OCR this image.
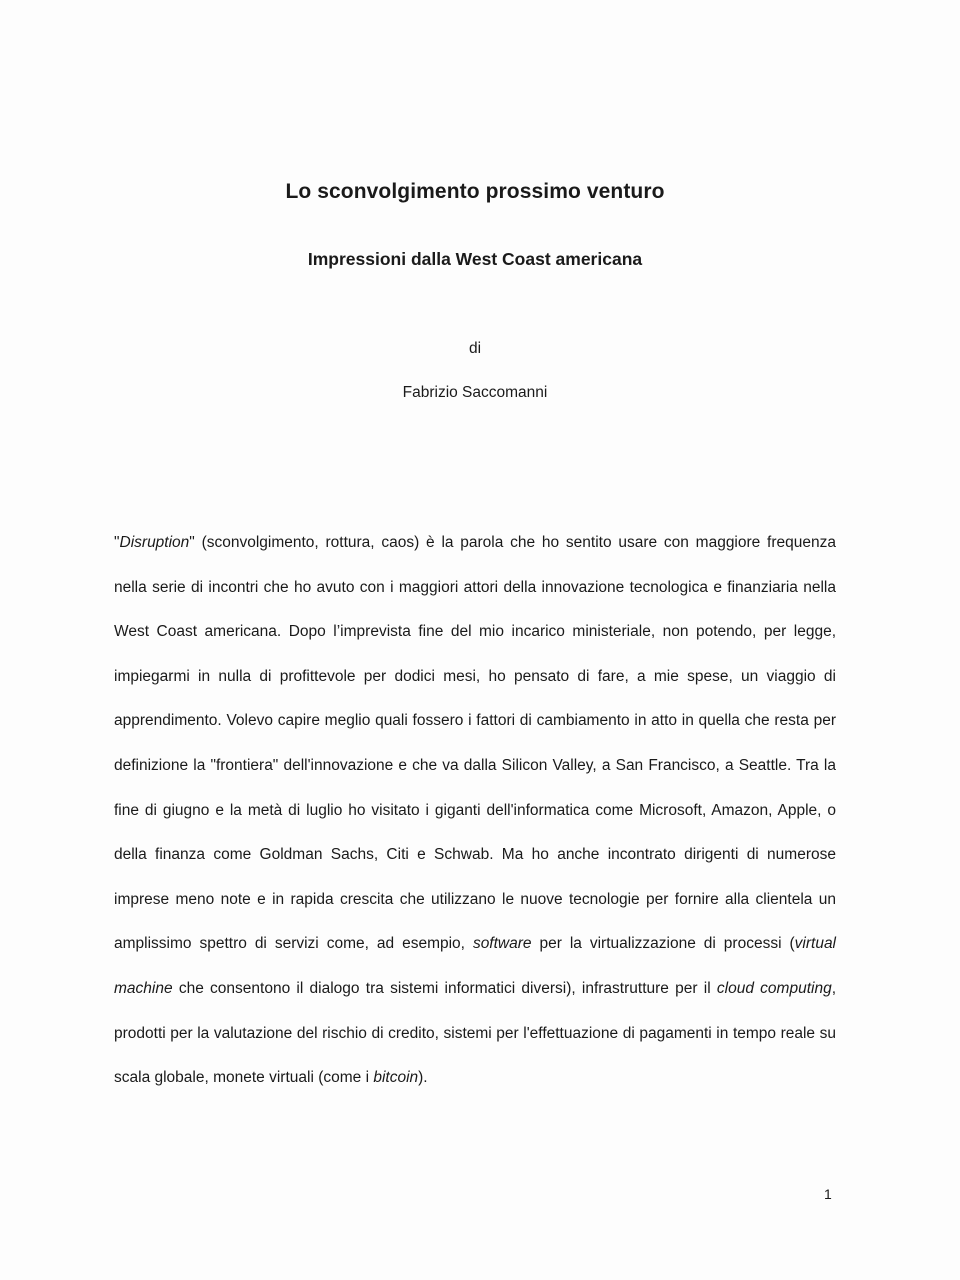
Lo sconvolgimento prossimo venturo
Impressioni dalla West Coast americana
di
Fabrizio Saccomanni

"Disruption" (sconvolgimento, rottura, caos) è la parola che ho sentito usare con maggiore frequenza nella serie di incontri che ho avuto con i maggiori attori della innovazione tecnologica e finanziaria nella West Coast americana. Dopo l’imprevista fine del mio incarico ministeriale, non potendo, per legge, impiegarmi in nulla di profittevole per dodici mesi, ho pensato di fare, a mie spese, un viaggio di apprendimento. Volevo capire meglio quali fossero i fattori di cambiamento in atto in quella che resta per definizione la "frontiera" dell'innovazione e che va dalla Silicon Valley, a San Francisco, a Seattle. Tra la fine di giugno e la metà di luglio ho visitato i giganti dell'informatica come Microsoft, Amazon, Apple, o della finanza come Goldman Sachs, Citi e Schwab. Ma ho anche incontrato dirigenti di numerose imprese meno note e in rapida crescita che utilizzano le nuove tecnologie per fornire alla clientela un amplissimo spettro di servizi come, ad esempio, software per la virtualizzazione di processi (virtual machine che consentono il dialogo tra sistemi informatici diversi), infrastrutture per il cloud computing, prodotti per la valutazione del rischio di credito, sistemi per l'effettuazione di pagamenti in tempo reale su scala globale, monete virtuali (come i bitcoin).

1
